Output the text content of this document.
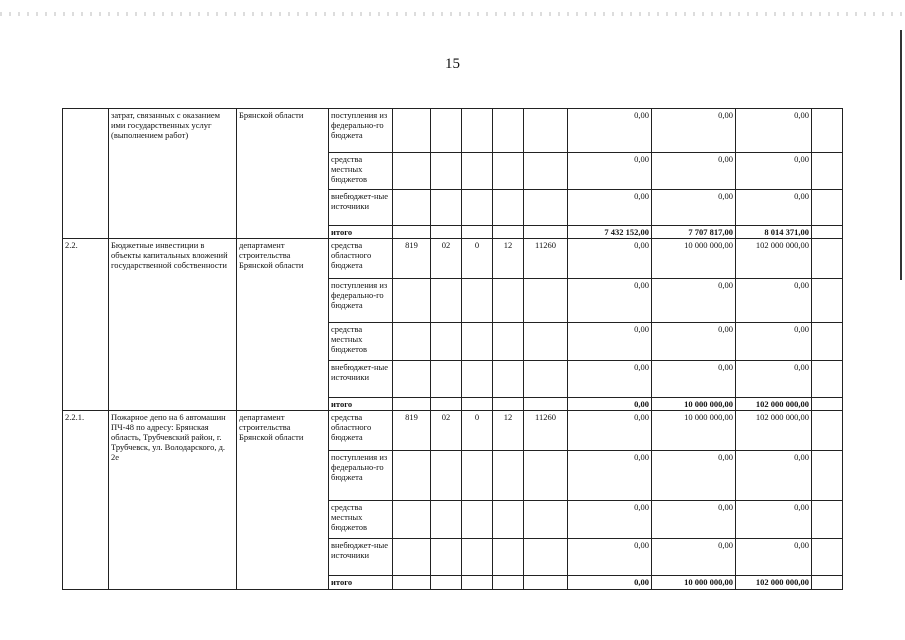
15
	затрат, связанных с оказанием ими государственных услуг (выполнением работ)	Брянской области	поступления из федерально-го бюджета						0,00	0,00	0,00	
			средства местных бюджетов						0,00	0,00	0,00	
			внебюджет-ные источники						0,00	0,00	0,00	
			итого						7 432 152,00	7 707 817,00	8 014 371,00	
2.2.	Бюджетные инвестиции в объекты капитальных вложений государственной собственности	департамент строительства Брянской области	средства областного бюджета	819	02	0	12	11260	0,00	10 000 000,00	102 000 000,00	
			поступления из федерально-го бюджета						0,00	0,00	0,00	
			средства местных бюджетов						0,00	0,00	0,00	
			внебюджет-ные источники						0,00	0,00	0,00	
			итого						0,00	10 000 000,00	102 000 000,00	
2.2.1.	Пожарное депо на 6 автомашин ПЧ-48 по адресу: Брянская область, Трубчевский район, г. Трубчевск, ул. Володарского, д. 2е	департамент строительства Брянской области	средства областного бюджета	819	02	0	12	11260	0,00	10 000 000,00	102 000 000,00	
			поступления из федерально-го бюджета						0,00	0,00	0,00	
			средства местных бюджетов						0,00	0,00	0,00	
			внебюджет-ные источники						0,00	0,00	0,00	
			итого						0,00	10 000 000,00	102 000 000,00	
